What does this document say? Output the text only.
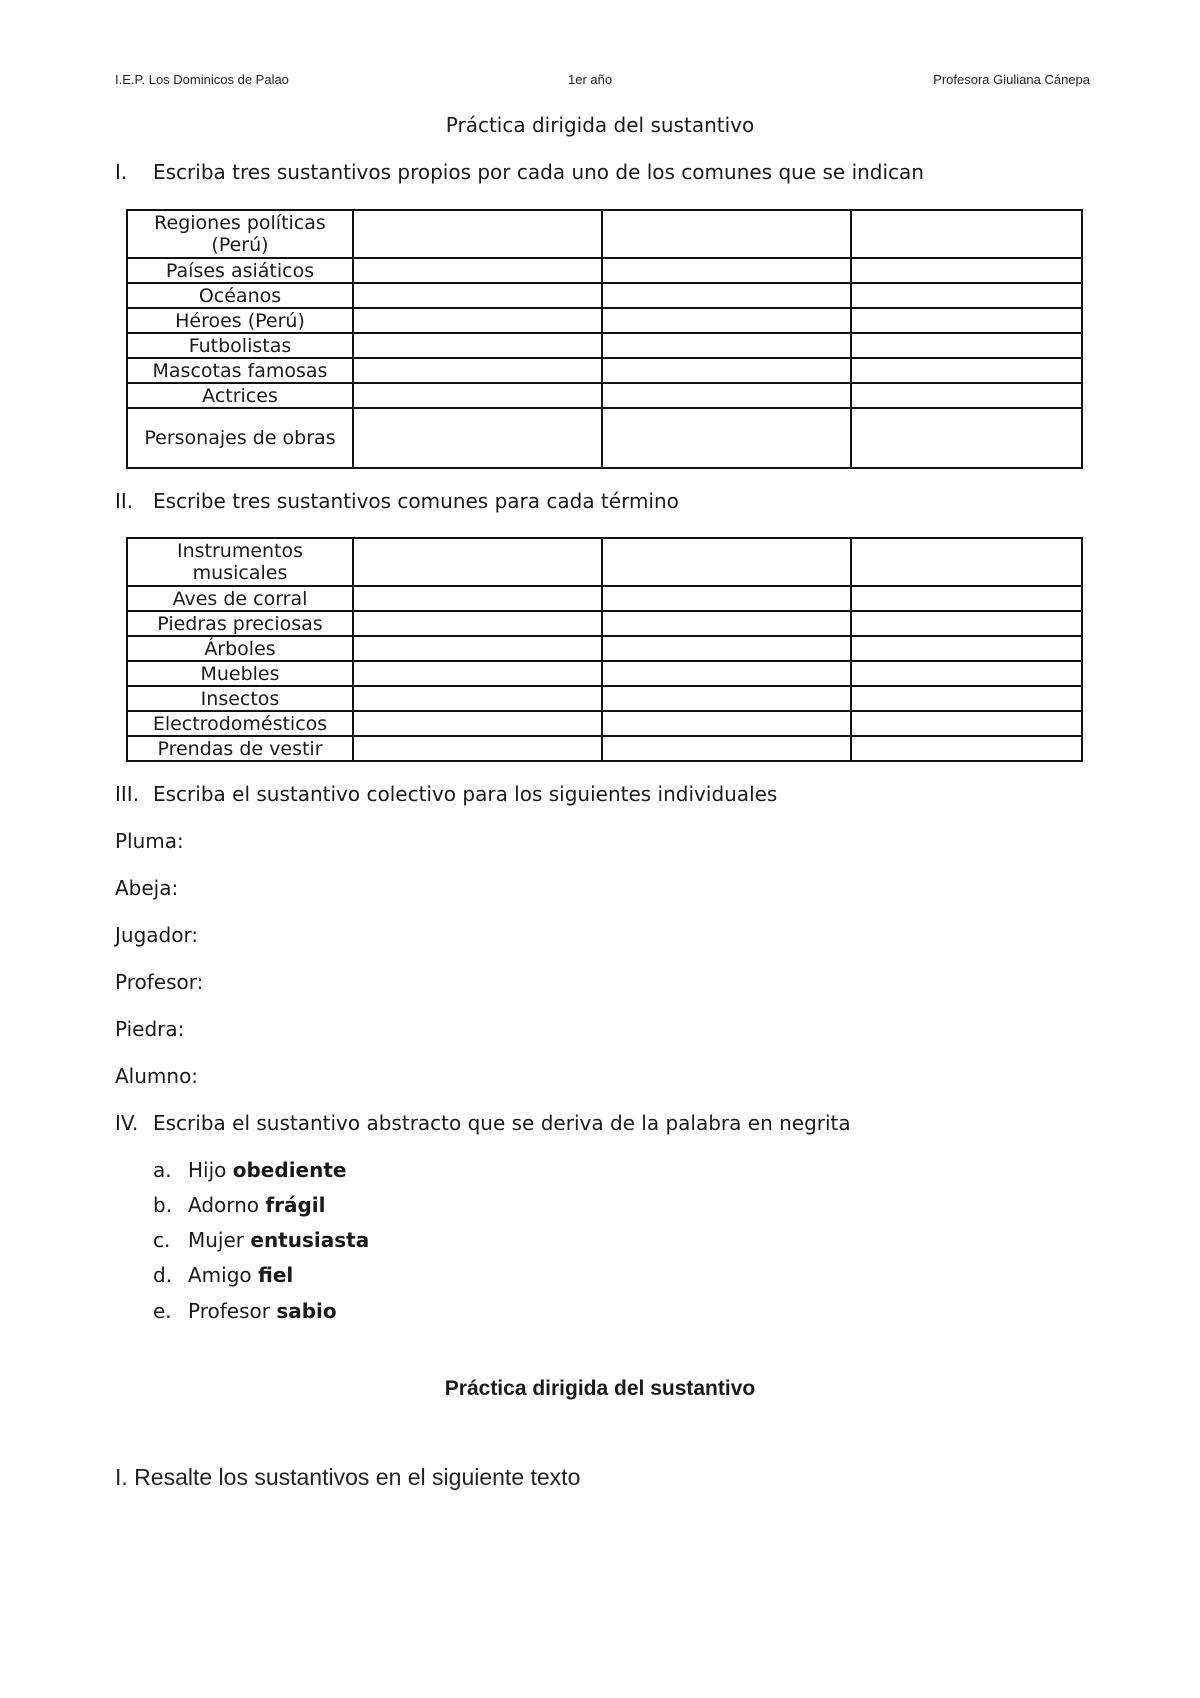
I.E.P. Los Dominicos de Palao	1er año	Profesora Giuliana Cánepa
Práctica dirigida del sustantivo
I. Escriba tres sustantivos propios por cada uno de los comunes que se indican
Regiones políticas (Perú)			
Países asiáticos			
Océanos			
Héroes (Perú)			
Futbolistas			
Mascotas famosas			
Actrices			
Personajes de obras			
II. Escribe tres sustantivos comunes para cada término
Instrumentos musicales			
Aves de corral			
Piedras preciosas			
Árboles			
Muebles			
Insectos			
Electrodomésticos			
Prendas de vestir			
III. Escriba el sustantivo colectivo para los siguientes individuales
Pluma:
Abeja:
Jugador:
Profesor:
Piedra:
Alumno:
IV. Escriba el sustantivo abstracto que se deriva de la palabra en negrita
a. Hijo obediente
b. Adorno frágil
c. Mujer entusiasta
d. Amigo fiel
e. Profesor sabio
Práctica dirigida del sustantivo
I. Resalte los sustantivos en el siguiente texto
